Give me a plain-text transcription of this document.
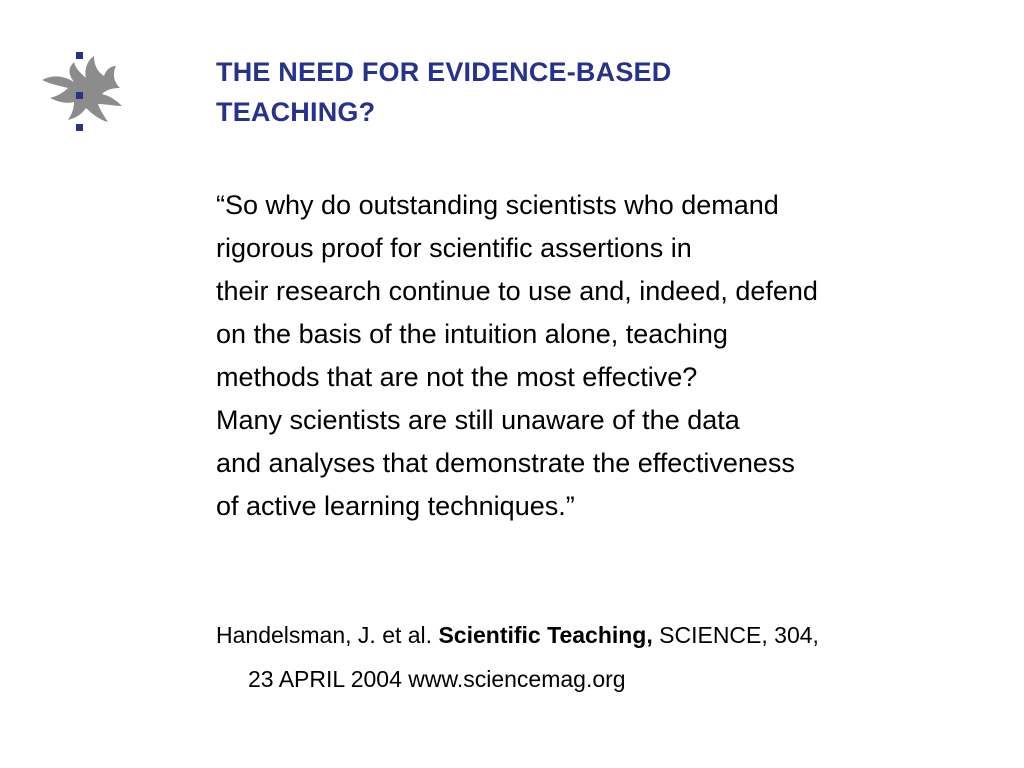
THE NEED FOR EVIDENCE-BASED
TEACHING?

“So why do outstanding scientists who demand
rigorous proof for scientific assertions in
their research continue to use and, indeed, defend
on the basis of the intuition alone, teaching
methods that are not the most effective?
Many scientists are still unaware of the data
and analyses that demonstrate the effectiveness
of active learning techniques.”

Handelsman, J. et al. Scientific Teaching, SCIENCE, 304,
23 APRIL 2004 www.sciencemag.org
